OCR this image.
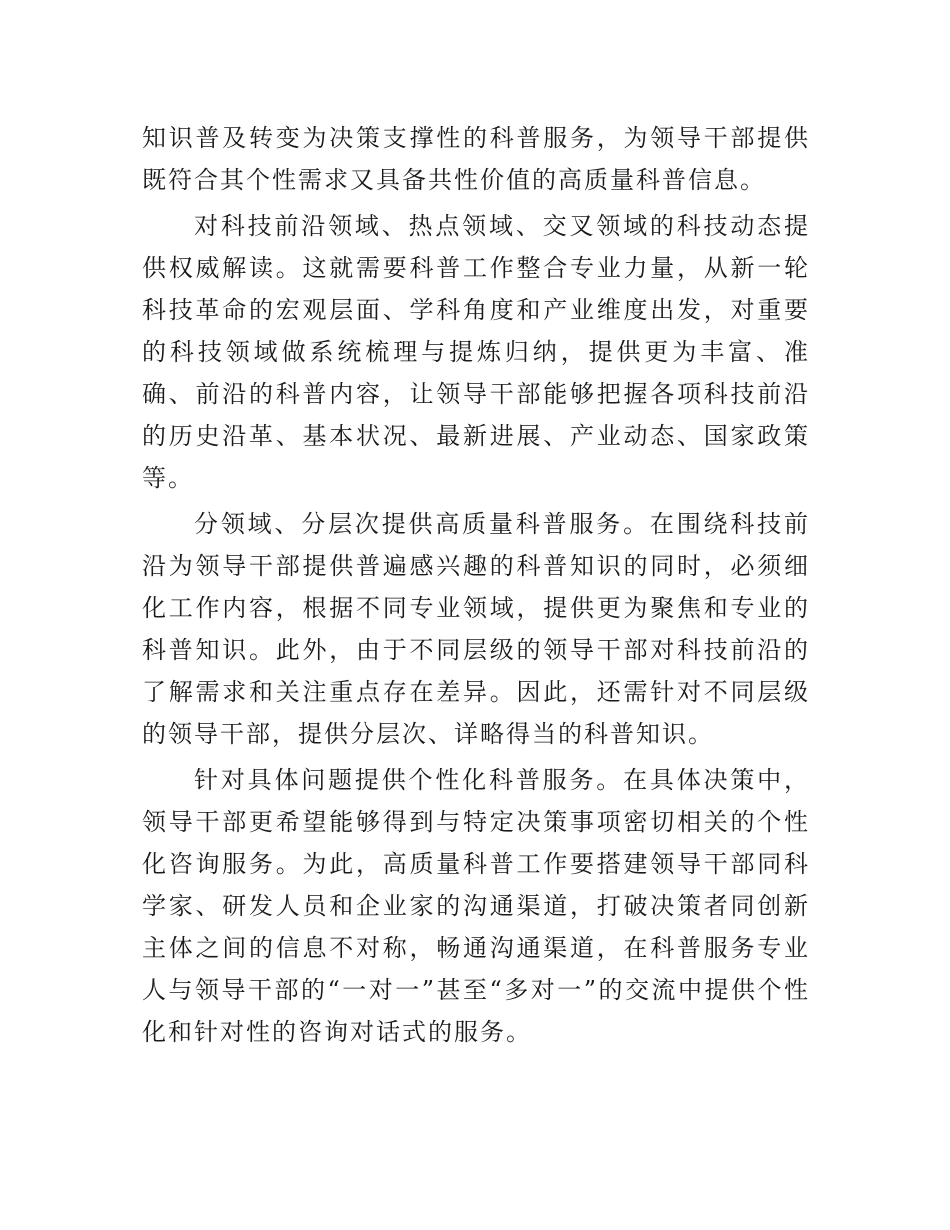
知识普及转变为决策支撑性的科普服务，为领导干部提供既符合其个性需求又具备共性价值的高质量科普信息。

对科技前沿领域、热点领域、交叉领域的科技动态提供权威解读。这就需要科普工作整合专业力量，从新一轮科技革命的宏观层面、学科角度和产业维度出发，对重要的科技领域做系统梳理与提炼归纳，提供更为丰富、准确、前沿的科普内容，让领导干部能够把握各项科技前沿的历史沿革、基本状况、最新进展、产业动态、国家政策等。

分领域、分层次提供高质量科普服务。在围绕科技前沿为领导干部提供普遍感兴趣的科普知识的同时，必须细化工作内容，根据不同专业领域，提供更为聚焦和专业的科普知识。此外，由于不同层级的领导干部对科技前沿的了解需求和关注重点存在差异。因此，还需针对不同层级的领导干部，提供分层次、详略得当的科普知识。

针对具体问题提供个性化科普服务。在具体决策中，领导干部更希望能够得到与特定决策事项密切相关的个性化咨询服务。为此，高质量科普工作要搭建领导干部同科学家、研发人员和企业家的沟通渠道，打破决策者同创新主体之间的信息不对称，畅通沟通渠道，在科普服务专业人与领导干部的“一对一”甚至“多对一”的交流中提供个性化和针对性的咨询对话式的服务。
